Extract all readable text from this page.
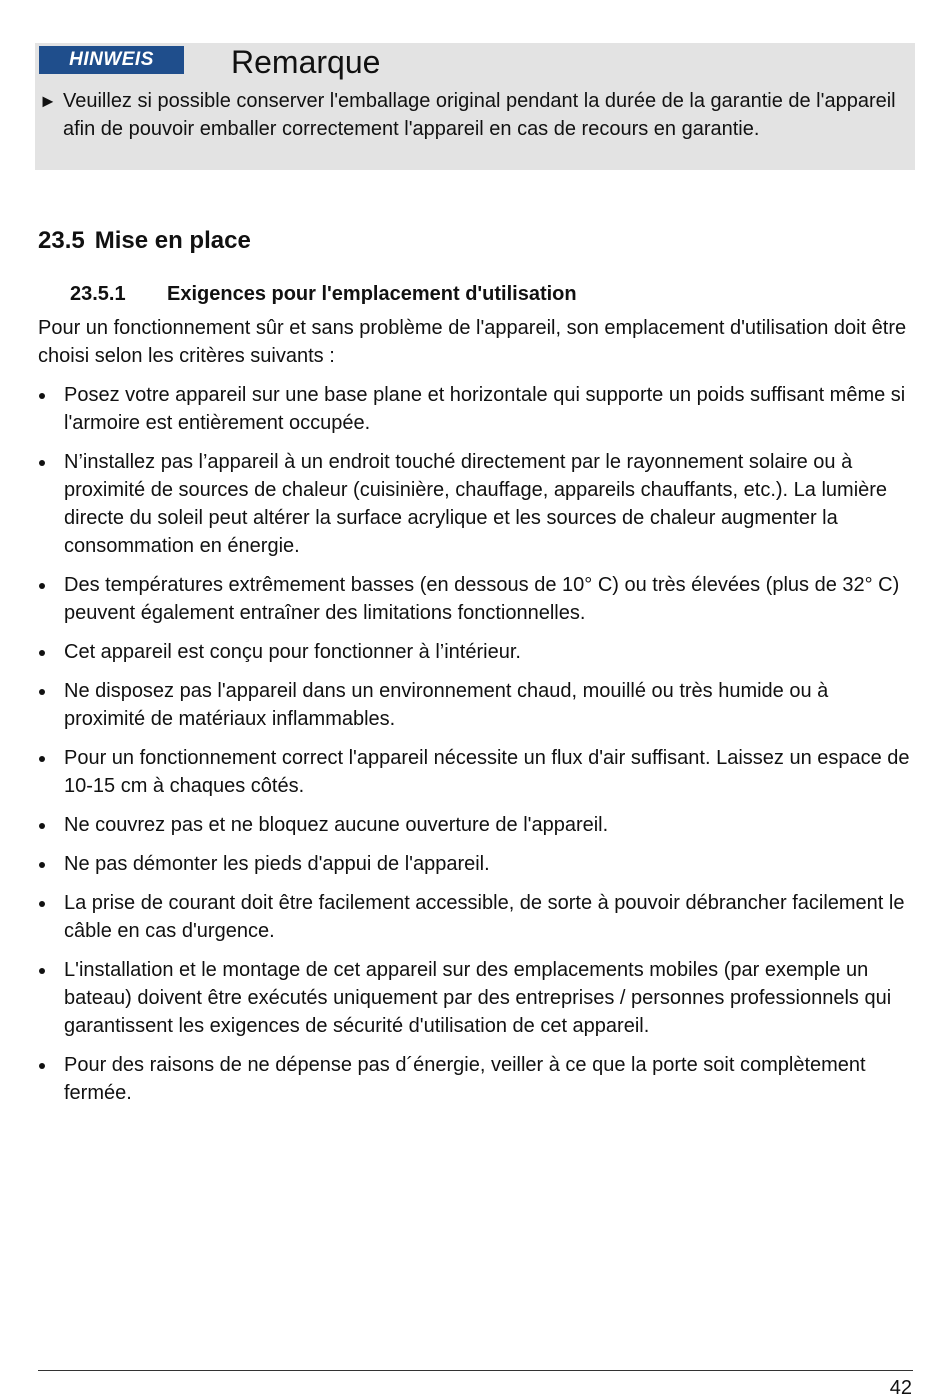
HINWEIS	Remarque
► Veuillez si possible conserver l'emballage original pendant la durée de la garantie de l'appareil afin de pouvoir emballer correctement l'appareil en cas de recours en garantie.
23.5 Mise en place
23.5.1 Exigences pour l'emplacement d'utilisation

Pour un fonctionnement sûr et sans problème de l'appareil, son emplacement d'utilisation doit être choisi selon les critères suivants :

Posez votre appareil sur une base plane et horizontale qui supporte un poids suffisant même si l'armoire est entièrement occupée.
N’installez pas l’appareil à un endroit touché directement par le rayonnement solaire ou à proximité de sources de chaleur (cuisinière, chauffage, appareils chauffants, etc.). La lumière directe du soleil peut altérer la surface acrylique et les sources de chaleur augmenter la consommation en énergie.
Des températures extrêmement basses (en dessous de 10° C) ou très élevées (plus de 32° C) peuvent également entraîner des limitations fonctionnelles.
Cet appareil est conçu pour fonctionner à l’intérieur.
Ne disposez pas l'appareil dans un environnement chaud, mouillé ou très humide ou à proximité de matériaux inflammables.
Pour un fonctionnement correct l'appareil nécessite un flux d'air suffisant. Laissez un espace de 10-15 cm à chaques côtés.
Ne couvrez pas et ne bloquez aucune ouverture de l'appareil.
Ne pas démonter les pieds d'appui de l'appareil.
La prise de courant doit être facilement accessible, de sorte à pouvoir débrancher facilement le câble en cas d'urgence.
L'installation et le montage de cet appareil sur des emplacements mobiles (par exemple un bateau) doivent être exécutés uniquement par des entreprises / personnes professionnels qui garantissent les exigences de sécurité d'utilisation de cet appareil.
Pour des raisons de ne dépense pas d´énergie, veiller à ce que la porte soit complètement fermée.
42
